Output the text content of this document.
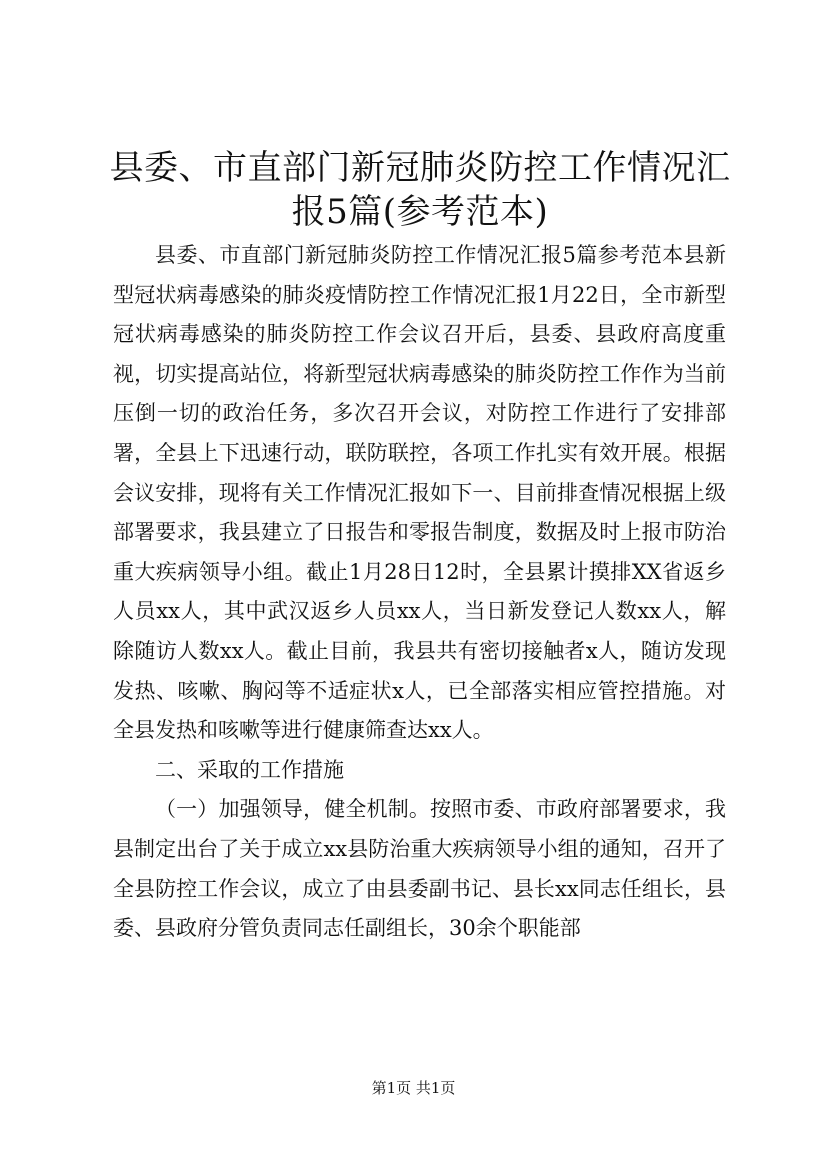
县委、市直部门新冠肺炎防控工作情况汇报5篇(参考范本)

县委、市直部门新冠肺炎防控工作情况汇报5篇参考范本县新型冠状病毒感染的肺炎疫情防控工作情况汇报1月22日，全市新型冠状病毒感染的肺炎防控工作会议召开后，县委、县政府高度重视，切实提高站位，将新型冠状病毒感染的肺炎防控工作作为当前压倒一切的政治任务，多次召开会议，对防控工作进行了安排部署，全县上下迅速行动，联防联控，各项工作扎实有效开展。根据会议安排，现将有关工作情况汇报如下一、目前排查情况根据上级部署要求，我县建立了日报告和零报告制度，数据及时上报市防治重大疾病领导小组。截止1月28日12时，全县累计摸排XX省返乡人员xx人，其中武汉返乡人员xx人，当日新发登记人数xx人，解除随访人数xx人。截止目前，我县共有密切接触者x人，随访发现发热、咳嗽、胸闷等不适症状x人，已全部落实相应管控措施。对全县发热和咳嗽等进行健康筛查达xx人。

二、采取的工作措施

（一）加强领导，健全机制。按照市委、市政府部署要求，我县制定出台了关于成立xx县防治重大疾病领导小组的通知，召开了全县防控工作会议，成立了由县委副书记、县长xx同志任组长，县委、县政府分管负责同志任副组长，30余个职能部

第1页 共1页
